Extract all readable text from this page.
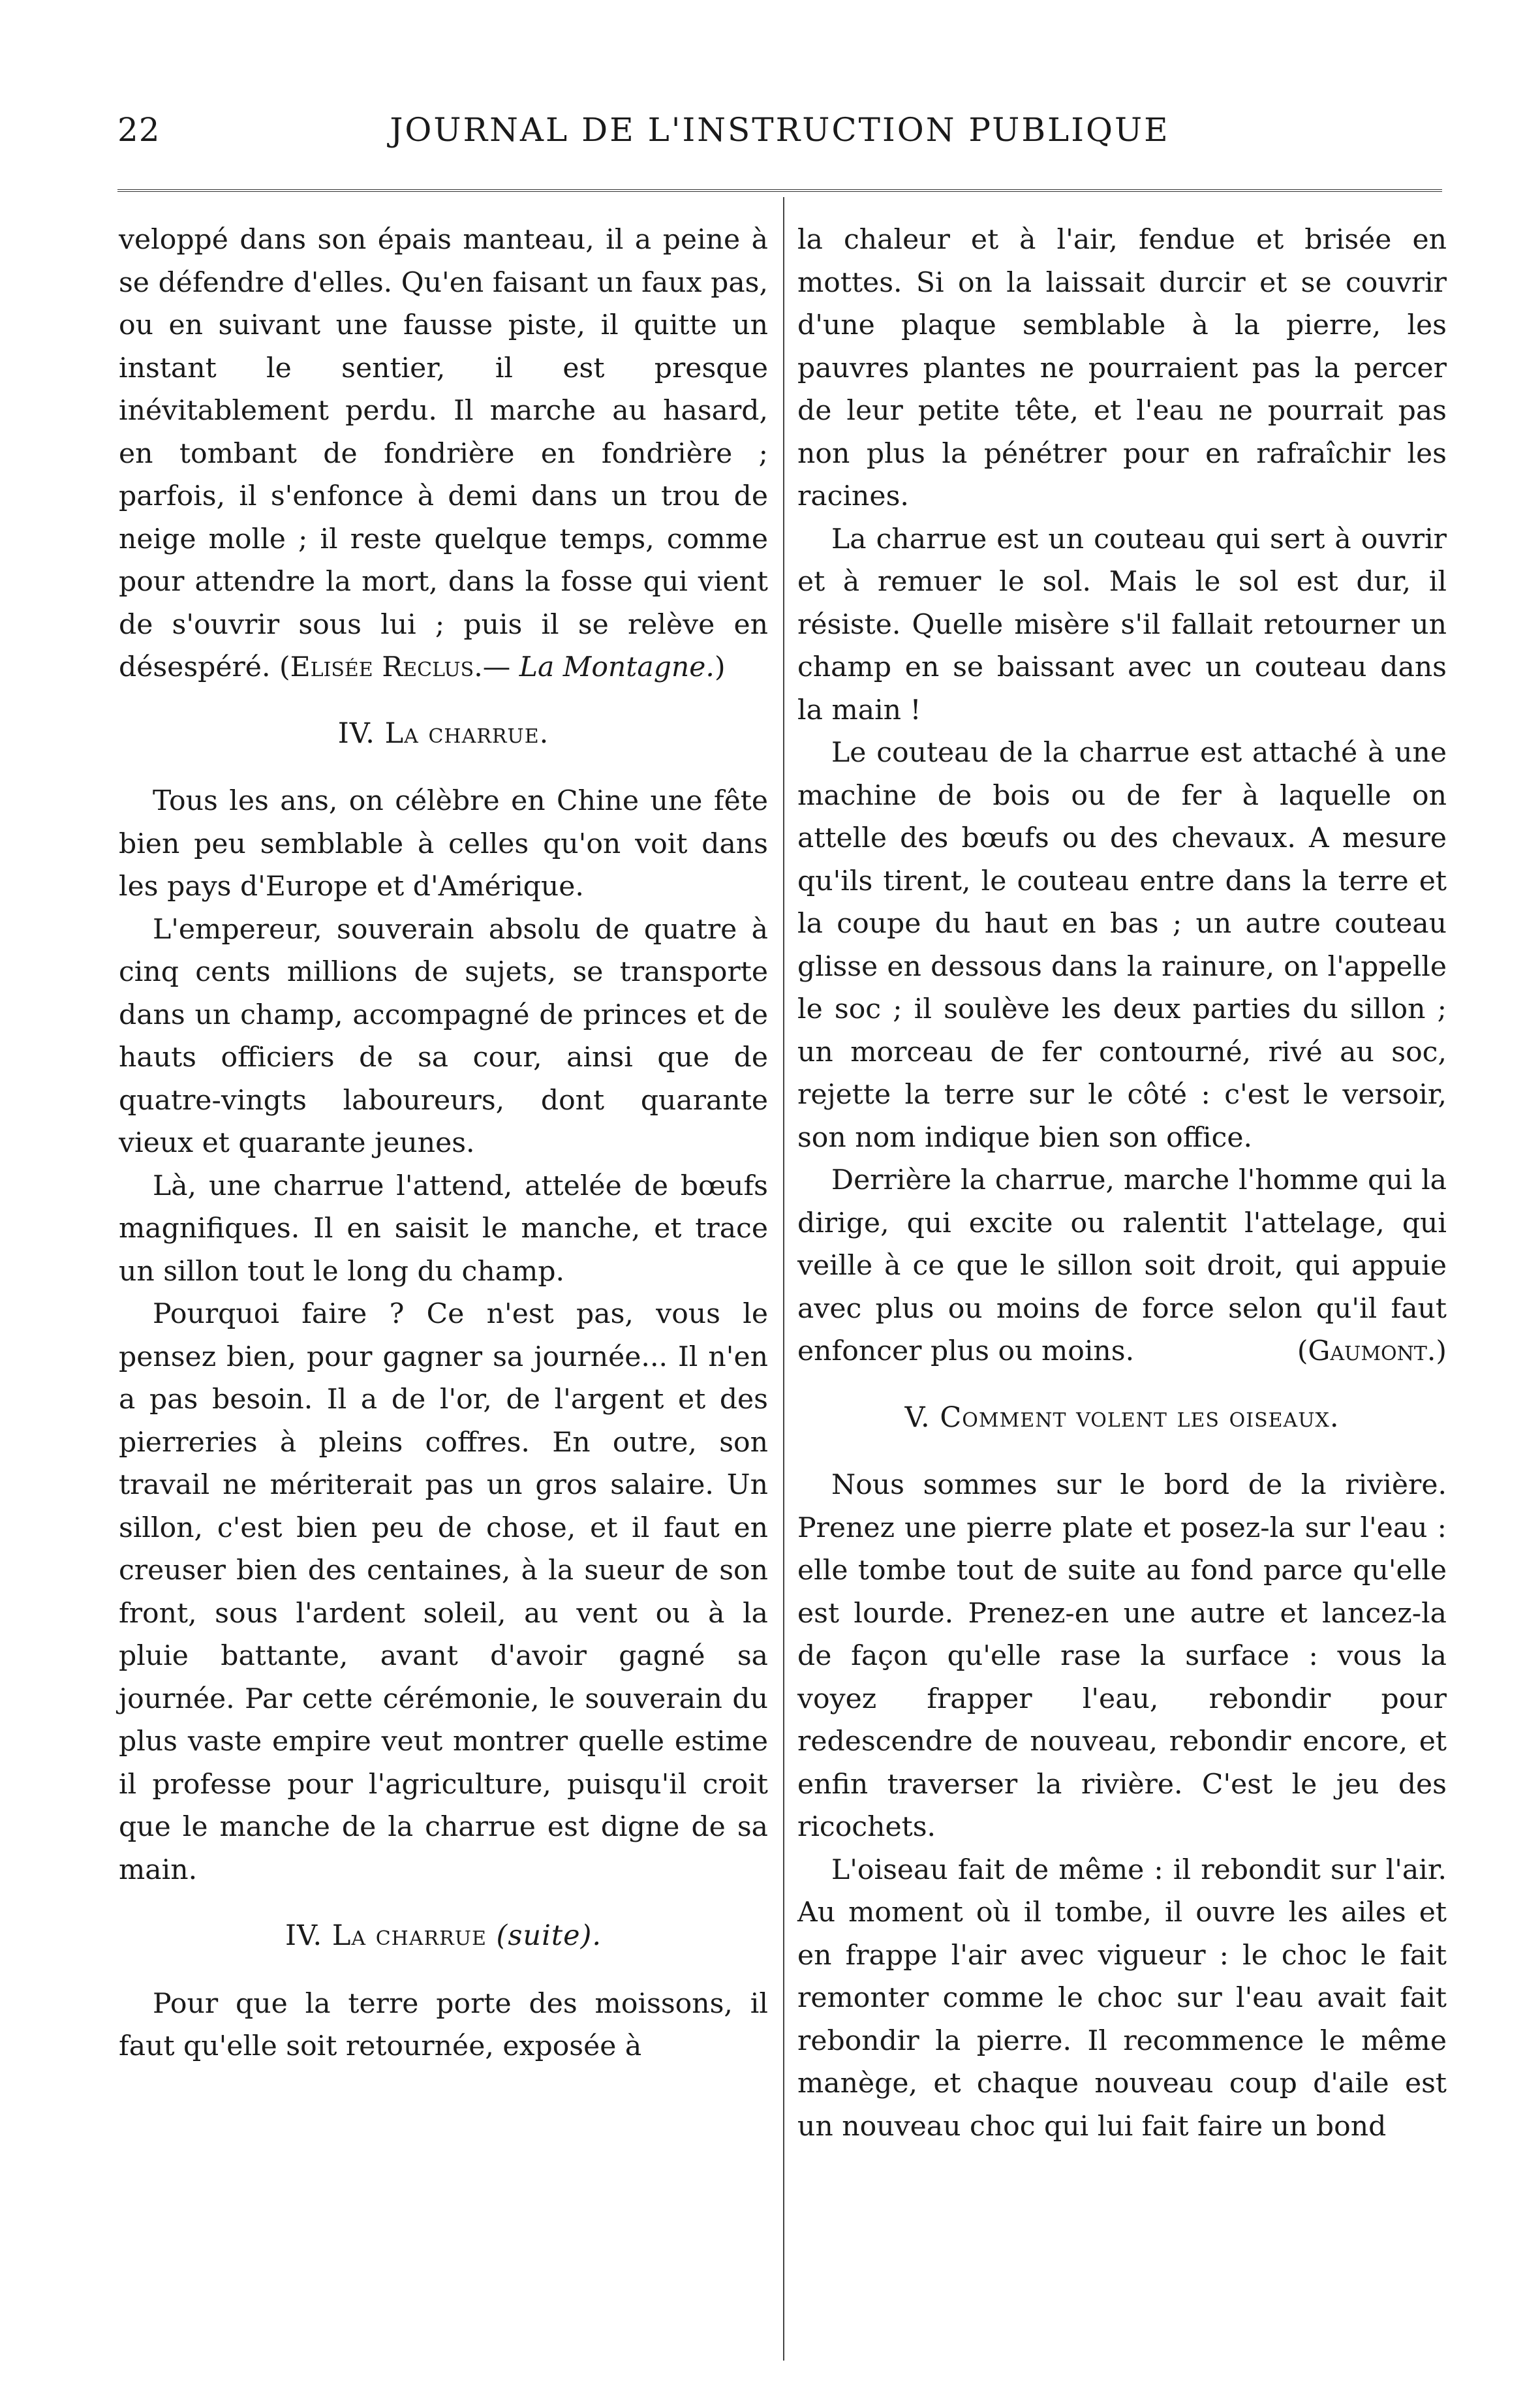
22	JOURNAL DE L'INSTRUCTION PUBLIQUE

veloppé dans son épais manteau, il a peine à se défendre d'elles. Qu'en faisant un faux pas, ou en suivant une fausse piste, il quitte un instant le sentier, il est presque inévitablement perdu. Il marche au hasard, en tombant de fondrière en fondrière ; parfois, il s'enfonce à demi dans un trou de neige molle ; il reste quelque temps, comme pour attendre la mort, dans la fosse qui vient de s'ouvrir sous lui ; puis il se relève en désespéré. (Elisée Reclus.— La Montagne.)

IV. La charrue.

Tous les ans, on célèbre en Chine une fête bien peu semblable à celles qu'on voit dans les pays d'Europe et d'Amérique.

L'empereur, souverain absolu de quatre à cinq cents millions de sujets, se transporte dans un champ, accompagné de princes et de hauts officiers de sa cour, ainsi que de quatre-vingts laboureurs, dont quarante vieux et quarante jeunes.

Là, une charrue l'attend, attelée de bœufs magnifiques. Il en saisit le manche, et trace un sillon tout le long du champ.

Pourquoi faire ? Ce n'est pas, vous le pensez bien, pour gagner sa journée... Il n'en a pas besoin. Il a de l'or, de l'argent et des pierreries à pleins coffres. En outre, son travail ne mériterait pas un gros salaire. Un sillon, c'est bien peu de chose, et il faut en creuser bien des centaines, à la sueur de son front, sous l'ardent soleil, au vent ou à la pluie battante, avant d'avoir gagné sa journée. Par cette cérémonie, le souverain du plus vaste empire veut montrer quelle estime il professe pour l'agriculture, puisqu'il croit que le manche de la charrue est digne de sa main.

IV. La charrue (suite).

Pour que la terre porte des moissons, il faut qu'elle soit retournée, exposée à

la chaleur et à l'air, fendue et brisée en mottes. Si on la laissait durcir et se couvrir d'une plaque semblable à la pierre, les pauvres plantes ne pourraient pas la percer de leur petite tête, et l'eau ne pourrait pas non plus la pénétrer pour en rafraîchir les racines.

La charrue est un couteau qui sert à ouvrir et à remuer le sol. Mais le sol est dur, il résiste. Quelle misère s'il fallait retourner un champ en se baissant avec un couteau dans la main !

Le couteau de la charrue est attaché à une machine de bois ou de fer à laquelle on attelle des bœufs ou des chevaux. A mesure qu'ils tirent, le couteau entre dans la terre et la coupe du haut en bas ; un autre couteau glisse en dessous dans la rainure, on l'appelle le soc ; il soulève les deux parties du sillon ; un morceau de fer contourné, rivé au soc, rejette la terre sur le côté : c'est le versoir, son nom indique bien son office.

Derrière la charrue, marche l'homme qui la dirige, qui excite ou ralentit l'attelage, qui veille à ce que le sillon soit droit, qui appuie avec plus ou moins de force selon qu'il faut enfoncer plus ou moins.	(Gaumont.)

V. Comment volent les oiseaux.

Nous sommes sur le bord de la rivière. Prenez une pierre plate et posez-la sur l'eau : elle tombe tout de suite au fond parce qu'elle est lourde. Prenez-en une autre et lancez-la de façon qu'elle rase la surface : vous la voyez frapper l'eau, rebondir pour redescendre de nouveau, rebondir encore, et enfin traverser la rivière. C'est le jeu des ricochets.

L'oiseau fait de même : il rebondit sur l'air. Au moment où il tombe, il ouvre les ailes et en frappe l'air avec vigueur : le choc le fait remonter comme le choc sur l'eau avait fait rebondir la pierre. Il recommence le même manège, et chaque nouveau coup d'aile est un nouveau choc qui lui fait faire un bond
